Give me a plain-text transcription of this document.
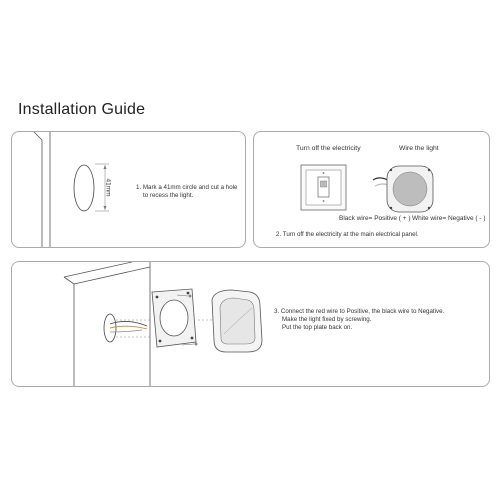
Installation Guide
41mm	1. Mark a 41mm circle and cut a hole
to recess the light.
Turn off the electricity	Wire the light
Black wire= Positive ( + ) White wire= Negative ( - )
2. Turn off the electricity at the main electrical panel.
3. Connect the red wire to Positive, the black wire to Negative.
Make the light fixed by screwing.
Put the top plate back on.
